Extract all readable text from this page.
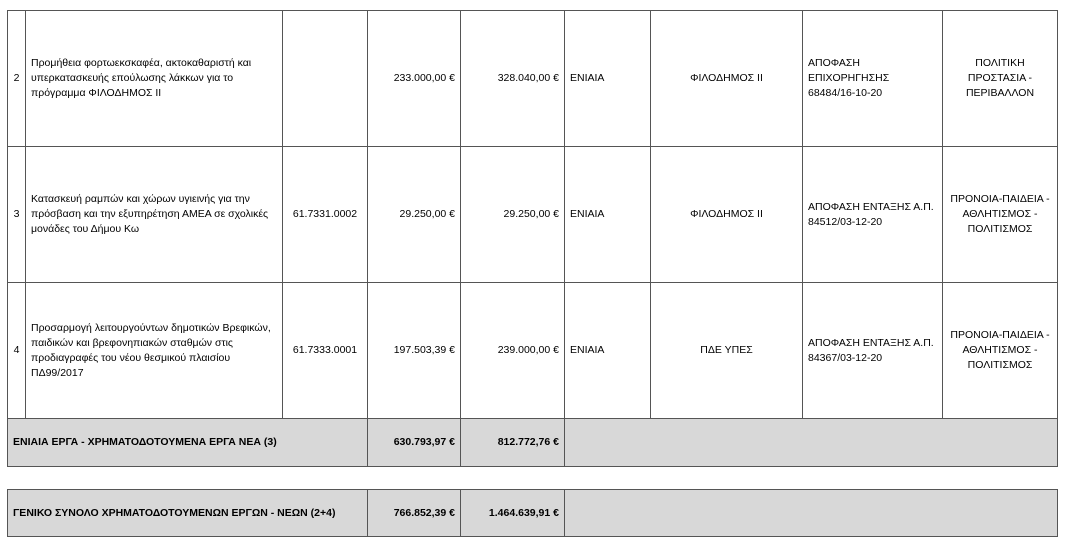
2	Προμήθεια φορτωεκσκαφέα, ακτοκαθαριστή και υπερκατασκευής επούλωσης λάκκων για το πρόγραμμα ΦΙΛΟΔΗΜΟΣ ΙΙ		233.000,00 €	328.040,00 €	ΕΝΙΑΙΑ	ΦΙΛΟΔΗΜΟΣ ΙΙ	ΑΠΟΦΑΣΗ ΕΠΙΧΟΡΗΓΗΣΗΣ 68484/16-10-20	ΠΟΛΙΤΙΚΗ ΠΡΟΣΤΑΣΙΑ - ΠΕΡΙΒΑΛΛΟΝ
3	Κατασκευή ραμπών και χώρων υγιεινής για την πρόσβαση και την εξυπηρέτηση ΑΜΕΑ σε σχολικές μονάδες του Δήμου Κω	61.7331.0002	29.250,00 €	29.250,00 €	ΕΝΙΑΙΑ	ΦΙΛΟΔΗΜΟΣ ΙΙ	ΑΠΟΦΑΣΗ ΕΝΤΑΞΗΣ Α.Π. 84512/03-12-20	ΠΡΟΝΟΙΑ-ΠΑΙΔΕΙΑ - ΑΘΛΗΤΙΣΜΟΣ - ΠΟΛΙΤΙΣΜΟΣ
4	Προσαρμογή λειτουργούντων δημοτικών Βρεφικών, παιδικών και βρεφονηπιακών σταθμών στις προδιαγραφές του νέου θεσμικού πλαισίου ΠΔ99/2017	61.7333.0001	197.503,39 €	239.000,00 €	ΕΝΙΑΙΑ	ΠΔΕ ΥΠΕΣ	ΑΠΟΦΑΣΗ ΕΝΤΑΞΗΣ Α.Π. 84367/03-12-20	ΠΡΟΝΟΙΑ-ΠΑΙΔΕΙΑ - ΑΘΛΗΤΙΣΜΟΣ - ΠΟΛΙΤΙΣΜΟΣ
ΕΝΙΑΙΑ ΕΡΓΑ - ΧΡΗΜΑΤΟΔΟΤΟΥΜΕΝΑ ΕΡΓΑ ΝΕΑ (3)			630.793,97 €	812.772,76 €				
ΓΕΝΙΚΟ ΣΥΝΟΛΟ ΧΡΗΜΑΤΟΔΟΤΟΥΜΕΝΩΝ ΕΡΓΩΝ - ΝΕΩΝ (2+4)	766.852,39 €	1.464.639,91 €	
